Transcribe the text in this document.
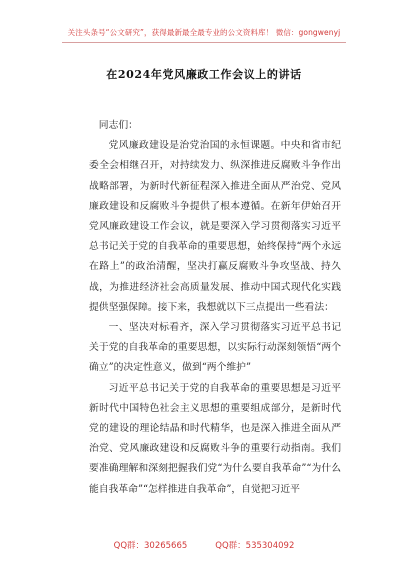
关注头条号“公文研究”，获得最新最全最专业的公文资料库！ 微信：gongwenyj
在2024年党风廉政工作会议上的讲话

同志们：

党风廉政建设是治党治国的永恒课题。中央和省市纪委全会相继召开，对持续发力、纵深推进反腐败斗争作出战略部署，为新时代新征程深入推进全面从严治党、党风廉政建设和反腐败斗争提供了根本遵循。在新年伊始召开党风廉政建设工作会议，就是要深入学习贯彻落实习近平总书记关于党的自我革命的重要思想，始终保持“两个永远在路上”的政治清醒，坚决打赢反腐败斗争攻坚战、持久战，为推进经济社会高质量发展、推动中国式现代化实践提供坚强保障。接下来，我想就以下三点提出一些看法：

一、坚决对标看齐，深入学习贯彻落实习近平总书记关于党的自我革命的重要思想，以实际行动深刻领悟“两个确立”的决定性意义，做到“两个维护”

习近平总书记关于党的自我革命的重要思想是习近平新时代中国特色社会主义思想的重要组成部分，是新时代党的建设的理论结晶和时代精华，也是深入推进全面从严治党、党风廉政建设和反腐败斗争的重要行动指南。我们要准确理解和深刻把握我们党“为什么要自我革命”“为什么能自我革命”“怎样推进自我革命”，自觉把习近平

QQ群：30265665	QQ群：535304092
